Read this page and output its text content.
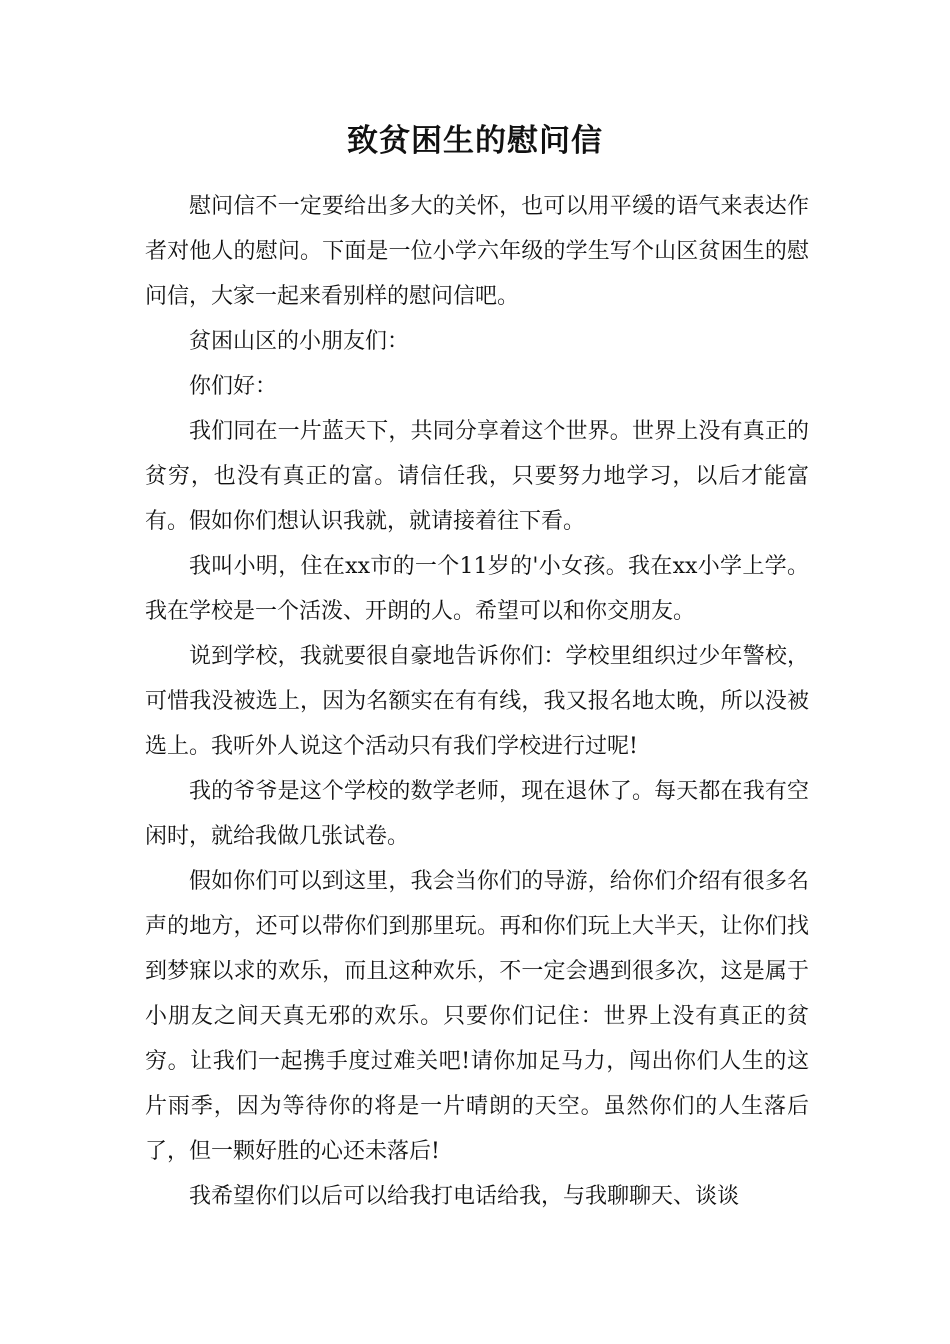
致贫困生的慰问信

慰问信不一定要给出多大的关怀，也可以用平缓的语气来表达作者对他人的慰问。下面是一位小学六年级的学生写个山区贫困生的慰问信，大家一起来看别样的慰问信吧。

贫困山区的小朋友们：

你们好：

我们同在一片蓝天下，共同分享着这个世界。世界上没有真正的贫穷，也没有真正的富。请信任我，只要努力地学习，以后才能富有。假如你们想认识我就，就请接着往下看。

我叫小明，住在xx市的一个11岁的'小女孩。我在xx小学上学。我在学校是一个活泼、开朗的人。希望可以和你交朋友。

说到学校，我就要很自豪地告诉你们：学校里组织过少年警校，可惜我没被选上，因为名额实在有有线，我又报名地太晚，所以没被选上。我听外人说这个活动只有我们学校进行过呢!

我的爷爷是这个学校的数学老师，现在退休了。每天都在我有空闲时，就给我做几张试卷。

假如你们可以到这里，我会当你们的导游，给你们介绍有很多名声的地方，还可以带你们到那里玩。再和你们玩上大半天，让你们找到梦寐以求的欢乐，而且这种欢乐，不一定会遇到很多次，这是属于小朋友之间天真无邪的欢乐。只要你们记住：世界上没有真正的贫穷。让我们一起携手度过难关吧!请你加足马力，闯出你们人生的这片雨季，因为等待你的将是一片晴朗的天空。虽然你们的人生落后了，但一颗好胜的心还未落后!

我希望你们以后可以给我打电话给我，与我聊聊天、谈谈
